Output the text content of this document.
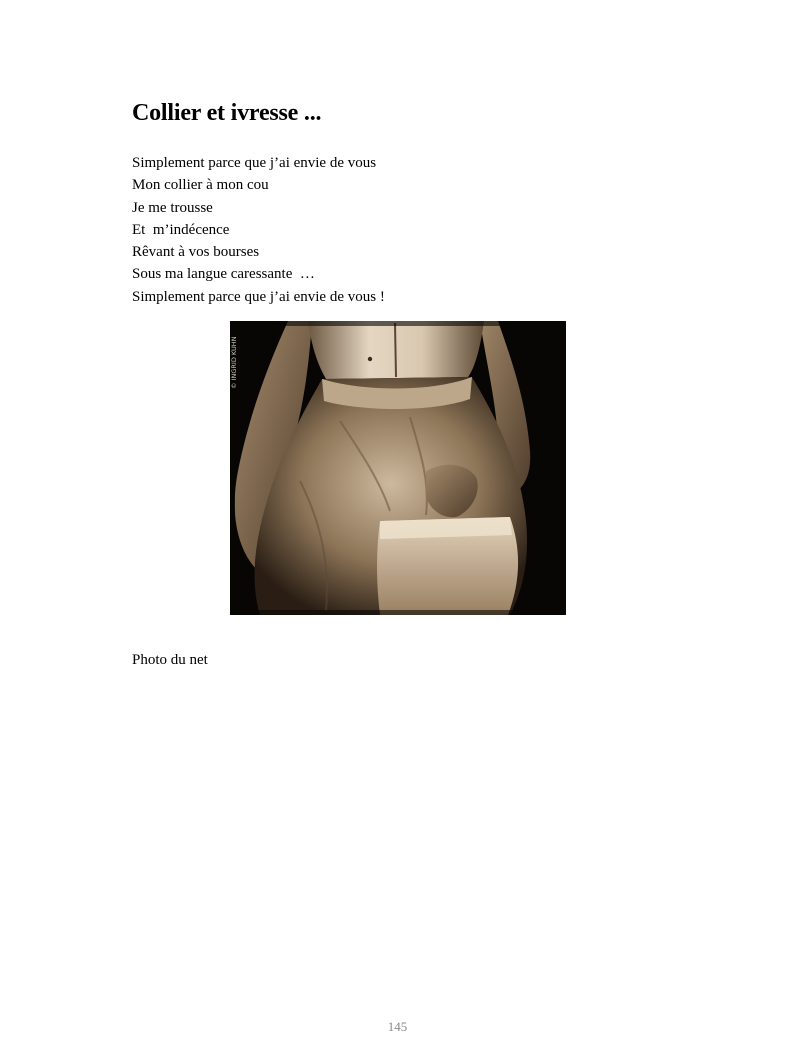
Collier et ivresse ...
Simplement parce que j’ai envie de vous
Mon collier à mon cou
Je me trousse
Et  m’indécence
Rêvant à vos bourses
Sous ma langue caressante  …
Simplement parce que j’ai envie de vous !
© INGRID KUHN
Photo du net
145
